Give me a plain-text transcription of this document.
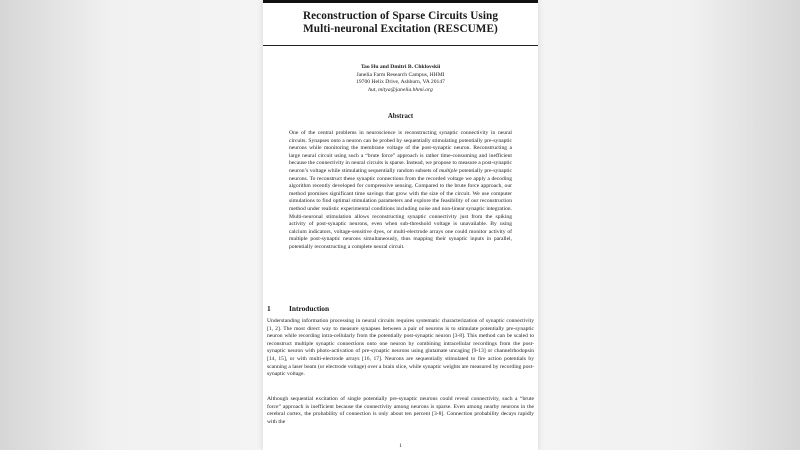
Reconstruction of Sparse Circuits Using
Multi-neuronal Excitation (RESCUME)
Tao Hu and Dmitri B. Chklovskii
Janelia Farm Research Campus, HHMI
19700 Helix Drive, Ashburn, VA 20147
hut, mitya@janelia.hhmi.org
Abstract
One of the central problems in neuroscience is reconstructing synaptic connectivity in neural circuits. Synapses onto a neuron can be probed by sequentially stimulating potentially pre-synaptic neurons while monitoring the membrane voltage of the post-synaptic neuron. Reconstructing a large neural circuit using such a “brute force” approach is rather time-consuming and inefficient because the connectivity in neural circuits is sparse. Instead, we propose to measure a post-synaptic neuron’s voltage while stimulating sequentially random subsets of multiple potentially pre-synaptic neurons. To reconstruct these synaptic connections from the recorded voltage we apply a decoding algorithm recently developed for compressive sensing. Compared to the brute force approach, our method promises significant time savings that grow with the size of the circuit. We use computer simulations to find optimal stimulation parameters and explore the feasibility of our reconstruction method under realistic experimental conditions including noise and non-linear synaptic integration. Multi-neuronal stimulation allows reconstructing synaptic connectivity just from the spiking activity of post-synaptic neurons, even when sub-threshold voltage is unavailable. By using calcium indicators, voltage-sensitive dyes, or multi-electrode arrays one could monitor activity of multiple post-synaptic neurons simultaneously, thus mapping their synaptic inputs in parallel, potentially reconstructing a complete neural circuit.
1 Introduction
Understanding information processing in neural circuits requires systematic characterization of synaptic connectivity [1, 2]. The most direct way to measure synapses between a pair of neurons is to stimulate potentially pre-synaptic neuron while recording intra-cellularly from the potentially post-synaptic neuron [3-8]. This method can be scaled to reconstruct multiple synaptic connections onto one neuron by combining intracellular recordings from the post-synaptic neuron with photo-activation of pre-synaptic neurons using glutamate uncaging [9-13] or channelrhodopsin [14, 15], or with multi-electrode arrays [16, 17]. Neurons are sequentially stimulated to fire action potentials by scanning a laser beam (or electrode voltage) over a brain slice, while synaptic weights are measured by recording post-synaptic voltage.
Although sequential excitation of single potentially pre-synaptic neurons could reveal connectivity, such a “brute force” approach is inefficient because the connectivity among neurons is sparse. Even among nearby neurons in the cerebral cortex, the probability of connection is only about ten percent [3-8]. Connection probability decays rapidly with the
1
